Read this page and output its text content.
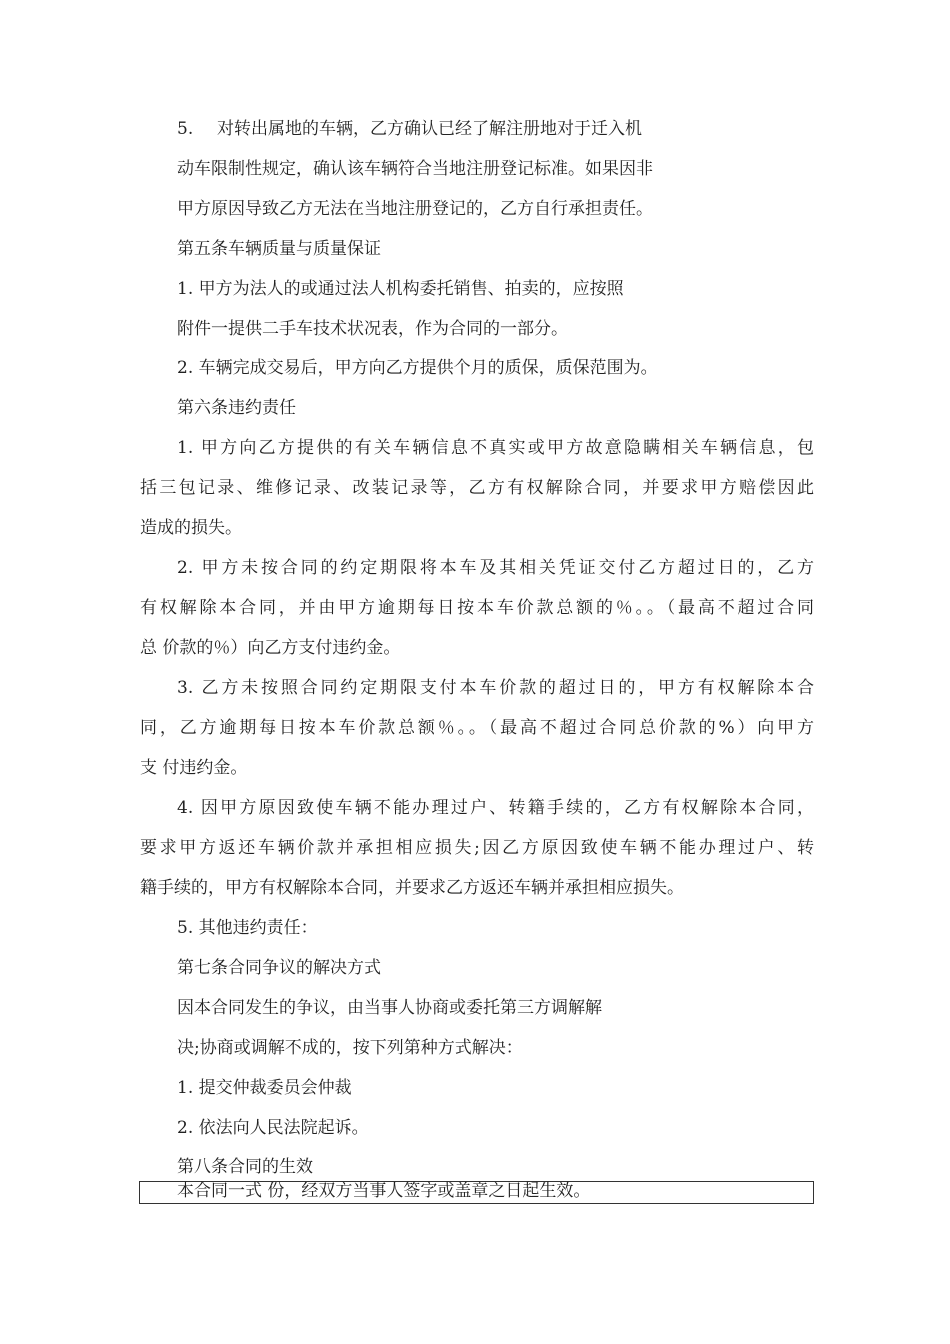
5. 对转出属地的车辆，乙方确认已经了解注册地对于迁入机
动车限制性规定，确认该车辆符合当地注册登记标准。如果因非
甲方原因导致乙方无法在当地注册登记的，乙方自行承担责任。
第五条车辆质量与质量保证
1. 甲方为法人的或通过法人机构委托销售、拍卖的，应按照
附件一提供二手车技术状况表，作为合同的一部分。
2. 车辆完成交易后，甲方向乙方提供个月的质保，质保范围为。
第六条违约责任
1. 甲方向乙方提供的有关车辆信息不真实或甲方故意隐瞒相关车辆信息，包
括三包记录、维修记录、改装记录等，乙方有权解除合同，并要求甲方赔偿因此
造成的损失。
2. 甲方未按合同的约定期限将本车及其相关凭证交付乙方超过日的，乙方
有权解除本合同，并由甲方逾期每日按本车价款总额的％。。（最高不超过合同
总 价款的％）向乙方支付违约金。
3. 乙方未按照合同约定期限支付本车价款的超过日的，甲方有权解除本合
同，乙方逾期每日按本车价款总额％。。（最高不超过合同总价款的%）向甲方
支 付违约金。
4. 因甲方原因致使车辆不能办理过户、转籍手续的，乙方有权解除本合同，
要求甲方返还车辆价款并承担相应损失;因乙方原因致使车辆不能办理过户、转
籍手续的，甲方有权解除本合同，并要求乙方返还车辆并承担相应损失。
5. 其他违约责任：
第七条合同争议的解决方式
因本合同发生的争议，由当事人协商或委托第三方调解解
决;协商或调解不成的，按下列第种方式解决：
1. 提交仲裁委员会仲裁
2. 依法向人民法院起诉。
第八条合同的生效
本合同一式 份，经双方当事人签字或盖章之日起生效。
